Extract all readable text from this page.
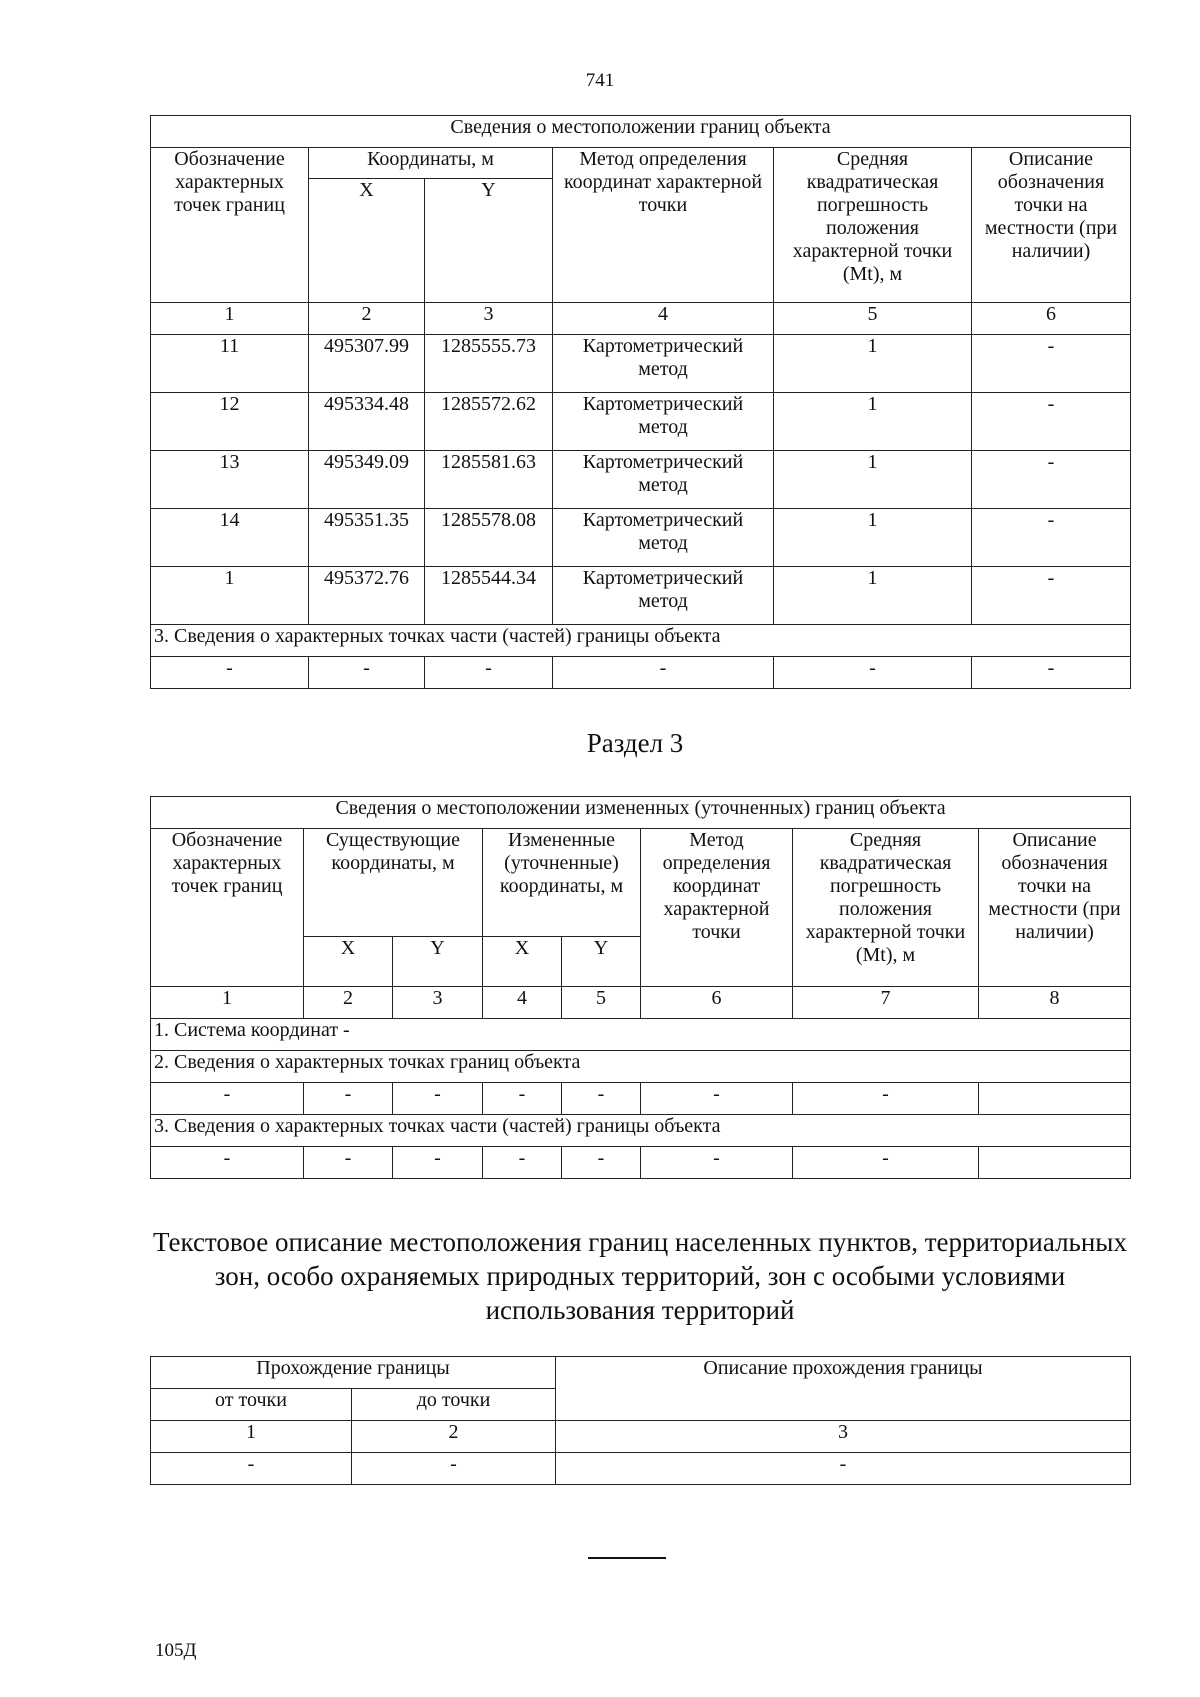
741
Сведения о местоположении границ объекта					
Обозначение характерных точек границ	Координаты, м		Метод определения координат характерной точки	Средняя квадратическая погрешность положения характерной точки (Mt), м	Описание обозначения точки на местности (при наличии)
	X	Y			
1	2	3	4	5	6
11	495307.99	1285555.73	Картометрический метод	1	-
12	495334.48	1285572.62	Картометрический метод	1	-
13	495349.09	1285581.63	Картометрический метод	1	-
14	495351.35	1285578.08	Картометрический метод	1	-
1	495372.76	1285544.34	Картометрический метод	1	-
3. Сведения о характерных точках части (частей) границы объекта					
-	-	-	-	-	-
Раздел 3
Сведения о местоположении измененных (уточненных) границ объекта							
Обозначение характерных точек границ	Существующие координаты, м		Измененные (уточненные) координаты, м		Метод определения координат характерной точки	Средняя квадратическая погрешность положения характерной точки (Mt), м	Описание обозначения точки на местности (при наличии)
	X	Y	X	Y			
1	2	3	4	5	6	7	8
1. Система координат -							
2. Сведения о характерных точках границ объекта							
-	-	-	-	-	-	-	
3. Сведения о характерных точках части (частей) границы объекта							
-	-	-	-	-	-	-	
Текстовое описание местоположения границ населенных пунктов, территориальных зон, особо охраняемых природных территорий, зон с особыми условиями использования территорий
Прохождение границы		Описание прохождения границы
от точки	до точки	
1	2	3
-	-	-
105Д
